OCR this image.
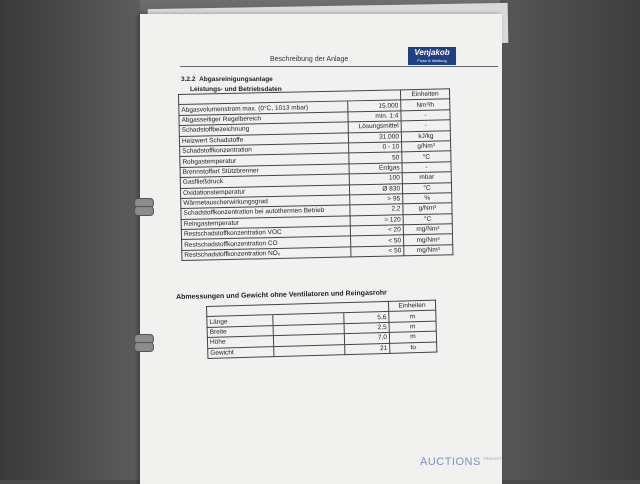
Beschreibung der Anlage
Venjakob
Fluss & Wartung
3.2.2 Abgasreinigungsanlage
Leistungs- und Betriebsdaten
		Einheiten
Abgasvolumenstrom max. (0°C, 1013 mbar)	15.000	Nm³/h
Abgasseitiger Regelbereich	min. 1:4	-
Schadstoffbezeichnung	Lösungsmittel	-
Heizwert Schadstoffe	31.000	kJ/kg
Schadstoffkonzentration	0 - 10	g/Nm³
Rohgastemperatur	50	°C
Brennstoffart Stützbrenner	Erdgas	-
Gasfließdruck	100	mbar
Oxidationstemperatur	Ø 830	°C
Wärmetauscherwirkungsgrad	> 95	%
Schadstoffkonzentration bei autothermen Betrieb	2,2	g/Nm³
Reingastemperatur	≈ 120	°C
Restschadstoffkonzentration VOC	< 20	mg/Nm³
Restschadstoffkonzentration CO	< 50	mg/Nm³
Restschadstoffkonzentration NOₓ	< 50	mg/Nm³
Abmessungen und Gewicht ohne Ventilatoren und Reingasrohr
			Einheiten
Länge		5,6	m
Breite		2,5	m
Höhe		7,0	m
Gewicht		21	to
AUCTIONS $^{TROOST}$
